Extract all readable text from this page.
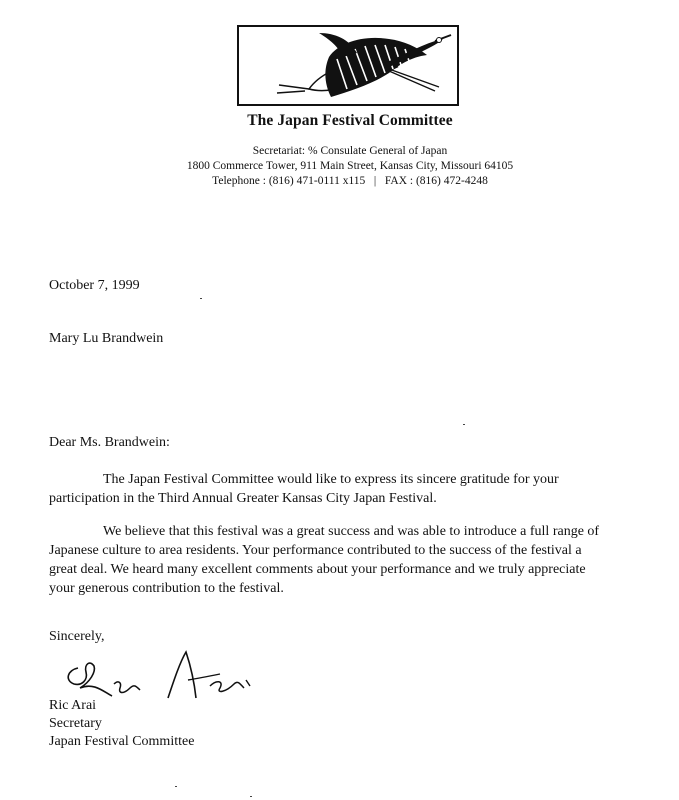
The Japan Festival Committee
Secretariat: % Consulate General of Japan
1800 Commerce Tower, 911 Main Street, Kansas City, Missouri 64105
Telephone : (816) 471-0111 x115 | FAX : (816) 472-4248
October 7, 1999
Mary Lu Brandwein
Dear Ms. Brandwein:
The Japan Festival Committee would like to express its sincere gratitude for your participation in the Third Annual Greater Kansas City Japan Festival.
We believe that this festival was a great success and was able to introduce a full range of Japanese culture to area residents. Your performance contributed to the success of the festival a great deal. We heard many excellent comments about your performance and we truly appreciate your generous contribution to the festival.
Sincerely,
Ric Arai
Secretary
Japan Festival Committee
